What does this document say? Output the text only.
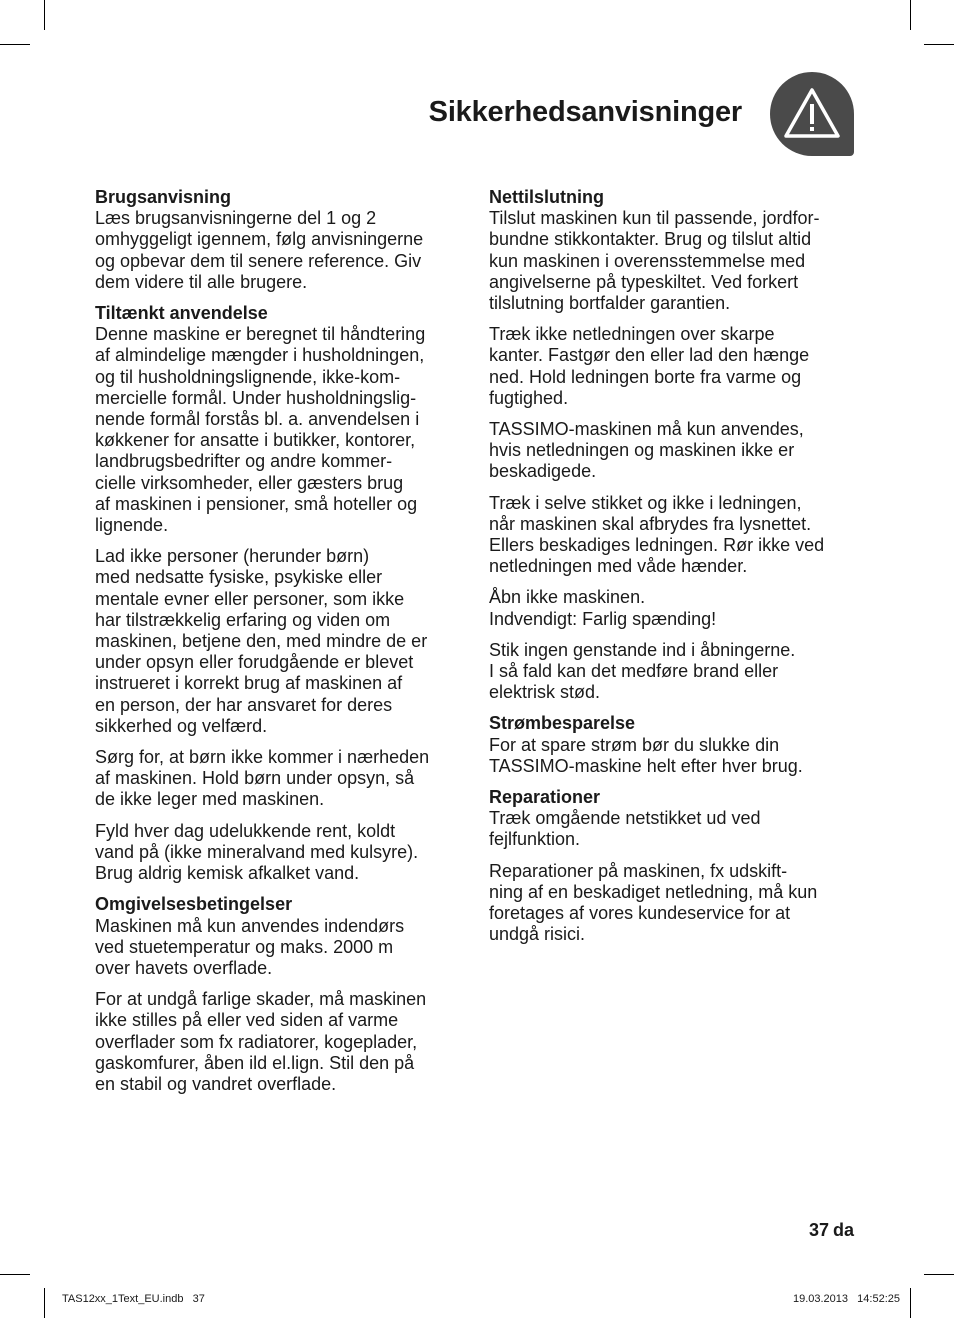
Sikkerhedsanvisninger
Brugsanvisning
Læs brugsanvisningerne del 1 og 2
omhyggeligt igennem, følg anvisningerne
og opbevar dem til senere reference. Giv
dem videre til alle brugere.
Tiltænkt anvendelse
Denne maskine er beregnet til håndtering
af almindelige mængder i husholdningen,
og til husholdningslignende, ikke-kom-
mercielle formål. Under husholdningslig-
nende formål forstås bl. a. anvendelsen i
køkkener for ansatte i butikker, kontorer,
landbrugsbedrifter og andre kommer-
cielle virksomheder, eller gæsters brug
af maskinen i pensioner, små hoteller og
lignende.
Lad ikke personer (herunder børn)
med nedsatte fysiske, psykiske eller
mentale evner eller personer, som ikke
har tilstrækkelig erfaring og viden om
maskinen, betjene den, med mindre de er
under opsyn eller forudgående er blevet
instrueret i korrekt brug af maskinen af
en person, der har ansvaret for deres
sikkerhed og velfærd.
Sørg for, at børn ikke kommer i nærheden
af maskinen. Hold børn under opsyn, så
de ikke leger med maskinen.
Fyld hver dag udelukkende rent, koldt
vand på (ikke mineralvand med kulsyre).
Brug aldrig kemisk afkalket vand.
Omgivelsesbetingelser
Maskinen må kun anvendes indendørs
ved stuetemperatur og maks. 2000 m
over havets overflade.
For at undgå farlige skader, må maskinen
ikke stilles på eller ved siden af varme
overflader som fx radiatorer, kogeplader,
gaskomfurer, åben ild el.lign. Stil den på
en stabil og vandret overflade.
Nettilslutning
Tilslut maskinen kun til passende, jordfor-
bundne stikkontakter. Brug og tilslut altid
kun maskinen i overensstemmelse med
angivelserne på typeskiltet. Ved forkert
tilslutning bortfalder garantien.
Træk ikke netledningen over skarpe
kanter. Fastgør den eller lad den hænge
ned. Hold ledningen borte fra varme og
fugtighed.
TASSIMO-maskinen må kun anvendes,
hvis netledningen og maskinen ikke er
beskadigede.
Træk i selve stikket og ikke i ledningen,
når maskinen skal afbrydes fra lysnettet.
Ellers beskadiges ledningen. Rør ikke ved
netledningen med våde hænder.
Åbn ikke maskinen.
Indvendigt: Farlig spænding!
Stik ingen genstande ind i åbningerne.
I så fald kan det medføre brand eller
elektrisk stød.
Strømbesparelse
For at spare strøm bør du slukke din
TASSIMO-maskine helt efter hver brug.
Reparationer
Træk omgående netstikket ud ved
fejlfunktion.
Reparationer på maskinen, fx udskift-
ning af en beskadiget netledning, må kun
foretages af vores kundeservice for at
undgå risici.
37 da
TAS12xx_1Text_EU.indb   37	19.03.2013   14:52:25
